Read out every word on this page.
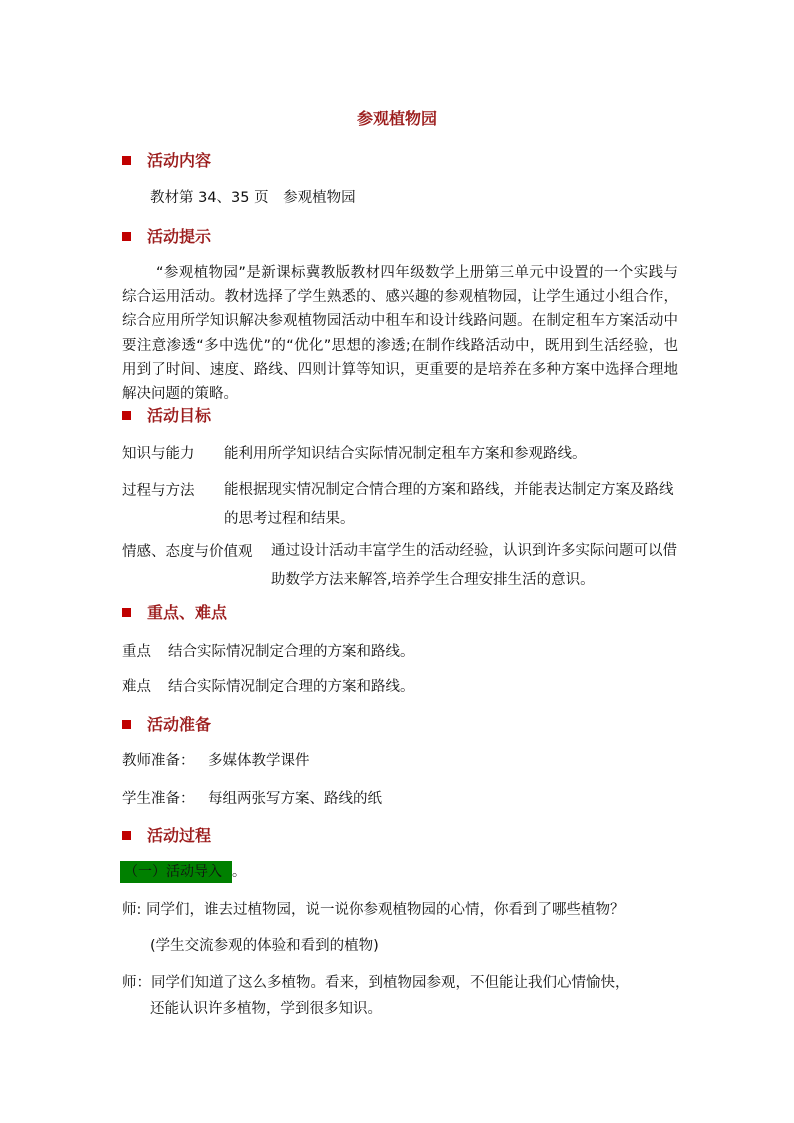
参观植物园
活动内容
教材第 34、35 页　参观植物园
活动提示
“参观植物园”是新课标冀教版教材四年级数学上册第三单元中设置的一个实践与综合运用活动。教材选择了学生熟悉的、感兴趣的参观植物园，让学生通过小组合作，综合应用所学知识解决参观植物园活动中租车和设计线路问题。在制定租车方案活动中要注意渗透“多中选优”的“优化”思想的渗透;在制作线路活动中，既用到生活经验，也用到了时间、速度、路线、四则计算等知识，更重要的是培养在多种方案中选择合理地解决问题的策略。
活动目标
知识与能力 能利用所学知识结合实际情况制定租车方案和参观路线。
过程与方法 能根据现实情况制定合情合理的方案和路线，并能表达制定方案及路线的思考过程和结果。
情感、态度与价值观 通过设计活动丰富学生的活动经验，认识到许多实际问题可以借助数学方法来解答,培养学生合理安排生活的意识。
重点、难点
重点 结合实际情况制定合理的方案和路线。
难点 结合实际情况制定合理的方案和路线。
活动准备
教师准备： 多媒体教学课件
学生准备： 每组两张写方案、路线的纸
活动过程
（一）活动导入 。
师: 同学们，谁去过植物园，说一说你参观植物园的心情，你看到了哪些植物？
(学生交流参观的体验和看到的植物)
师：同学们知道了这么多植物。看来，到植物园参观，不但能让我们心情愉快，
还能认识许多植物，学到很多知识。
